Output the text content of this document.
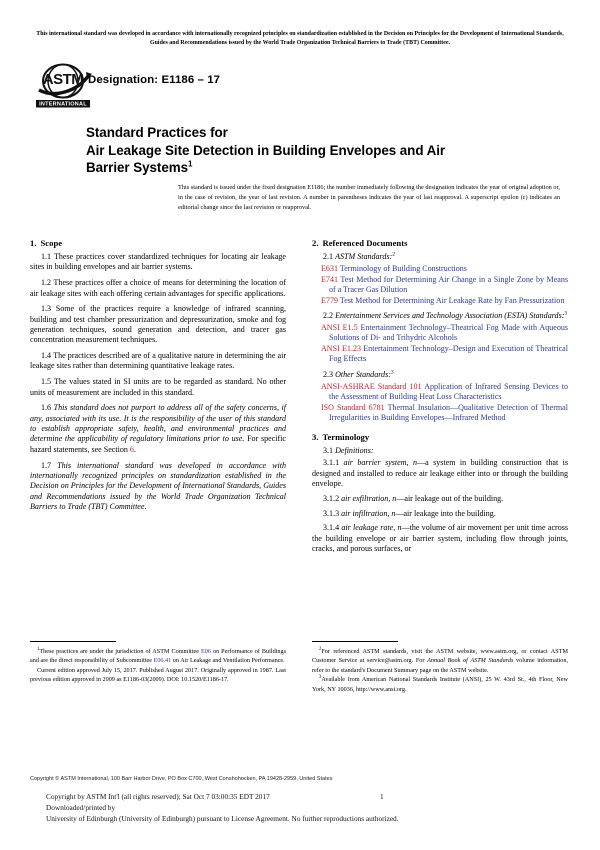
This international standard was developed in accordance with internationally recognized principles on standardization established in the Decision on Principles for the Development of International Standards, Guides and Recommendations issued by the World Trade Organization Technical Barriers to Trade (TBT) Committee.
ASTM
INTERNATIONAL
Designation: E1186 – 17
Standard Practices for
Air Leakage Site Detection in Building Envelopes and Air
Barrier Systems$^1$
This standard is issued under the fixed designation E1186; the number immediately following the designation indicates the year of original adoption or, in the case of revision, the year of last revision. A number in parentheses indicates the year of last reapproval. A superscript epsilon (ε) indicates an editorial change since the last revision or reapproval.
1. Scope

1.1 These practices cover standardized techniques for locating air leakage sites in building envelopes and air barrier systems.

1.2 These practices offer a choice of means for determining the location of air leakage sites with each offering certain advantages for specific applications.

1.3 Some of the practices require a knowledge of infrared scanning, building and test chamber pressurization and depressurization, smoke and fog generation techniques, sound generation and detection, and tracer gas concentration measurement techniques.

1.4 The practices described are of a qualitative nature in determining the air leakage sites rather than determining quantitative leakage rates.

1.5 The values stated in SI units are to be regarded as standard. No other units of measurement are included in this standard.

1.6 This standard does not purport to address all of the safety concerns, if any, associated with its use. It is the responsibility of the user of this standard to establish appropriate safety, health, and environmental practices and determine the applicability of regulatory limitations prior to use. For specific hazard statements, see Section 6.

1.7 This international standard was developed in accordance with internationally recognized principles on standardization established in the Decision on Principles for the Development of International Standards, Guides and Recommendations issued by the World Trade Organization Technical Barriers to Trade (TBT) Committee.

2. Referenced Documents

2.1 ASTM Standards:$^2$

E631 Terminology of Building Constructions

E741 Test Method for Determining Air Change in a Single Zone by Means of a Tracer Gas Dilution

E779 Test Method for Determining Air Leakage Rate by Fan Pressurization

2.2 Entertainment Services and Technology Association (ESTA) Standards:$^3$

ANSI E1.5 Entertainment Technology–Theatrical Fog Made with Aqueous Solutions of Di- and Trihydric Alcohols

ANSI E1.23 Entertainment Technology–Design and Execution of Theatrical Fog Effects

2.3 Other Standards:$^3$

ANSI-ASHRAE Standard 101 Application of Infrared Sensing Devices to the Assessment of Building Heat Loss Characteristics

ISO Standard 6781 Thermal Insulation—Qualitative Detection of Thermal Irregularities in Building Envelopes—Infrared Method

3. Terminology

3.1 Definitions:

3.1.1 air barrier system, n—a system in building construction that is designed and installed to reduce air leakage either into or through the building envelope.

3.1.2 air exfiltration, n—air leakage out of the building.

3.1.3 air infiltration, n—air leakage into the building.

3.1.4 air leakage rate, n—the volume of air movement per unit time across the building envelope or air barrier system, including flow through joints, cracks, and porous surfaces, or

$^1$These practices are under the jurisdiction of ASTM Committee E06 on Performance of Buildings and are the direct responsibility of Subcommittee E06.41 on Air Leakage and Ventilation Performance.

Current edition approved July 15, 2017. Published August 2017. Originally approved in 1987. Last previous edition approved in 2009 as E1186-03(2009). DOI: 10.1520/E1186-17.

$^2$For referenced ASTM standards, visit the ASTM website, www.astm.org, or contact ASTM Customer Service at service@astm.org. For Annual Book of ASTM Standards volume information, refer to the standard's Document Summary page on the ASTM website.

$^3$Available from American National Standards Institute (ANSI), 25 W. 43rd St., 4th Floor, New York, NY 10036, http://www.ansi.org.

Copyright © ASTM International, 100 Barr Harbor Drive, PO Box C700, West Conshohocken, PA 19428-2959, United States
Copyright by ASTM Int'l (all rights reserved); Sat Oct 7 03:00:35 EDT 2017	1
Downloaded/printed by
University of Edinburgh (University of Edinburgh) pursuant to License Agreement. No further reproductions authorized.
